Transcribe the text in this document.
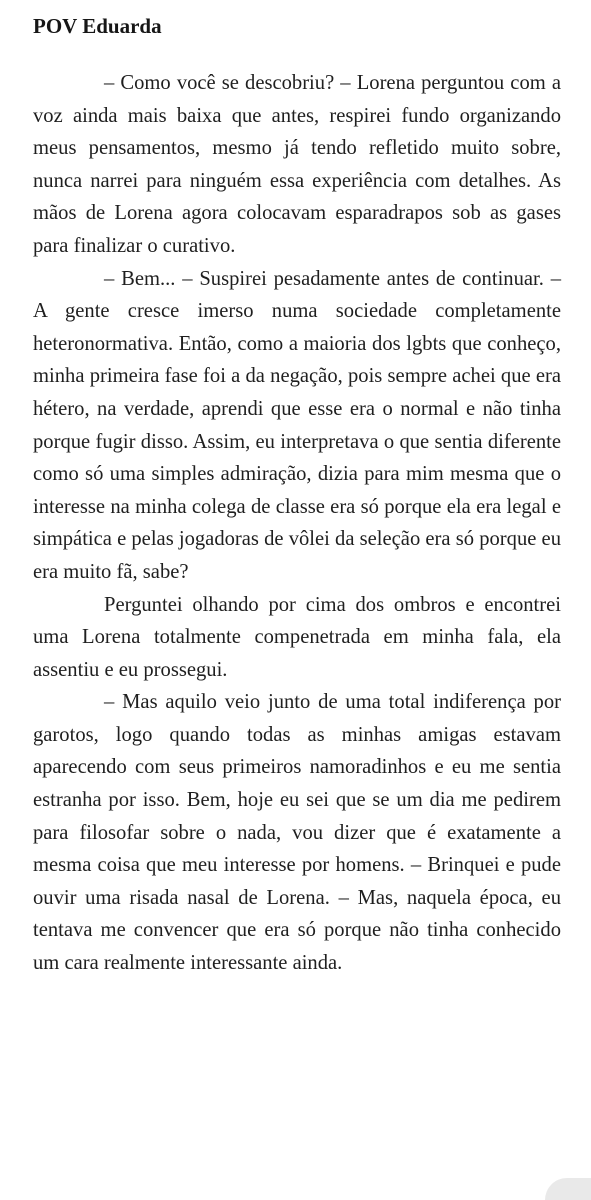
POV Eduarda

– Como você se descobriu? – Lorena perguntou com a voz ainda mais baixa que antes, respirei fundo organizando meus pensamentos, mesmo já tendo refletido muito sobre, nunca narrei para ninguém essa experiência com detalhes. As mãos de Lorena agora colocavam esparadrapos sob as gases para finalizar o curativo.

– Bem... – Suspirei pesadamente antes de continuar. – A gente cresce imerso numa sociedade completamente heteronormativa. Então, como a maioria dos lgbts que conheço, minha primeira fase foi a da negação, pois sempre achei que era hétero, na verdade, aprendi que esse era o normal e não tinha porque fugir disso. Assim, eu interpretava o que sentia diferente como só uma simples admiração, dizia para mim mesma que o interesse na minha colega de classe era só porque ela era legal e simpática e pelas jogadoras de vôlei da seleção era só porque eu era muito fã, sabe?

Perguntei olhando por cima dos ombros e encontrei uma Lorena totalmente compenetrada em minha fala, ela assentiu e eu prossegui.

– Mas aquilo veio junto de uma total indiferença por garotos, logo quando todas as minhas amigas estavam aparecendo com seus primeiros namoradinhos e eu me sentia estranha por isso. Bem, hoje eu sei que se um dia me pedirem para filosofar sobre o nada, vou dizer que é exatamente a mesma coisa que meu interesse por homens. – Brinquei e pude ouvir uma risada nasal de Lorena. – Mas, naquela época, eu tentava me convencer que era só porque não tinha conhecido um cara realmente interessante ainda.
